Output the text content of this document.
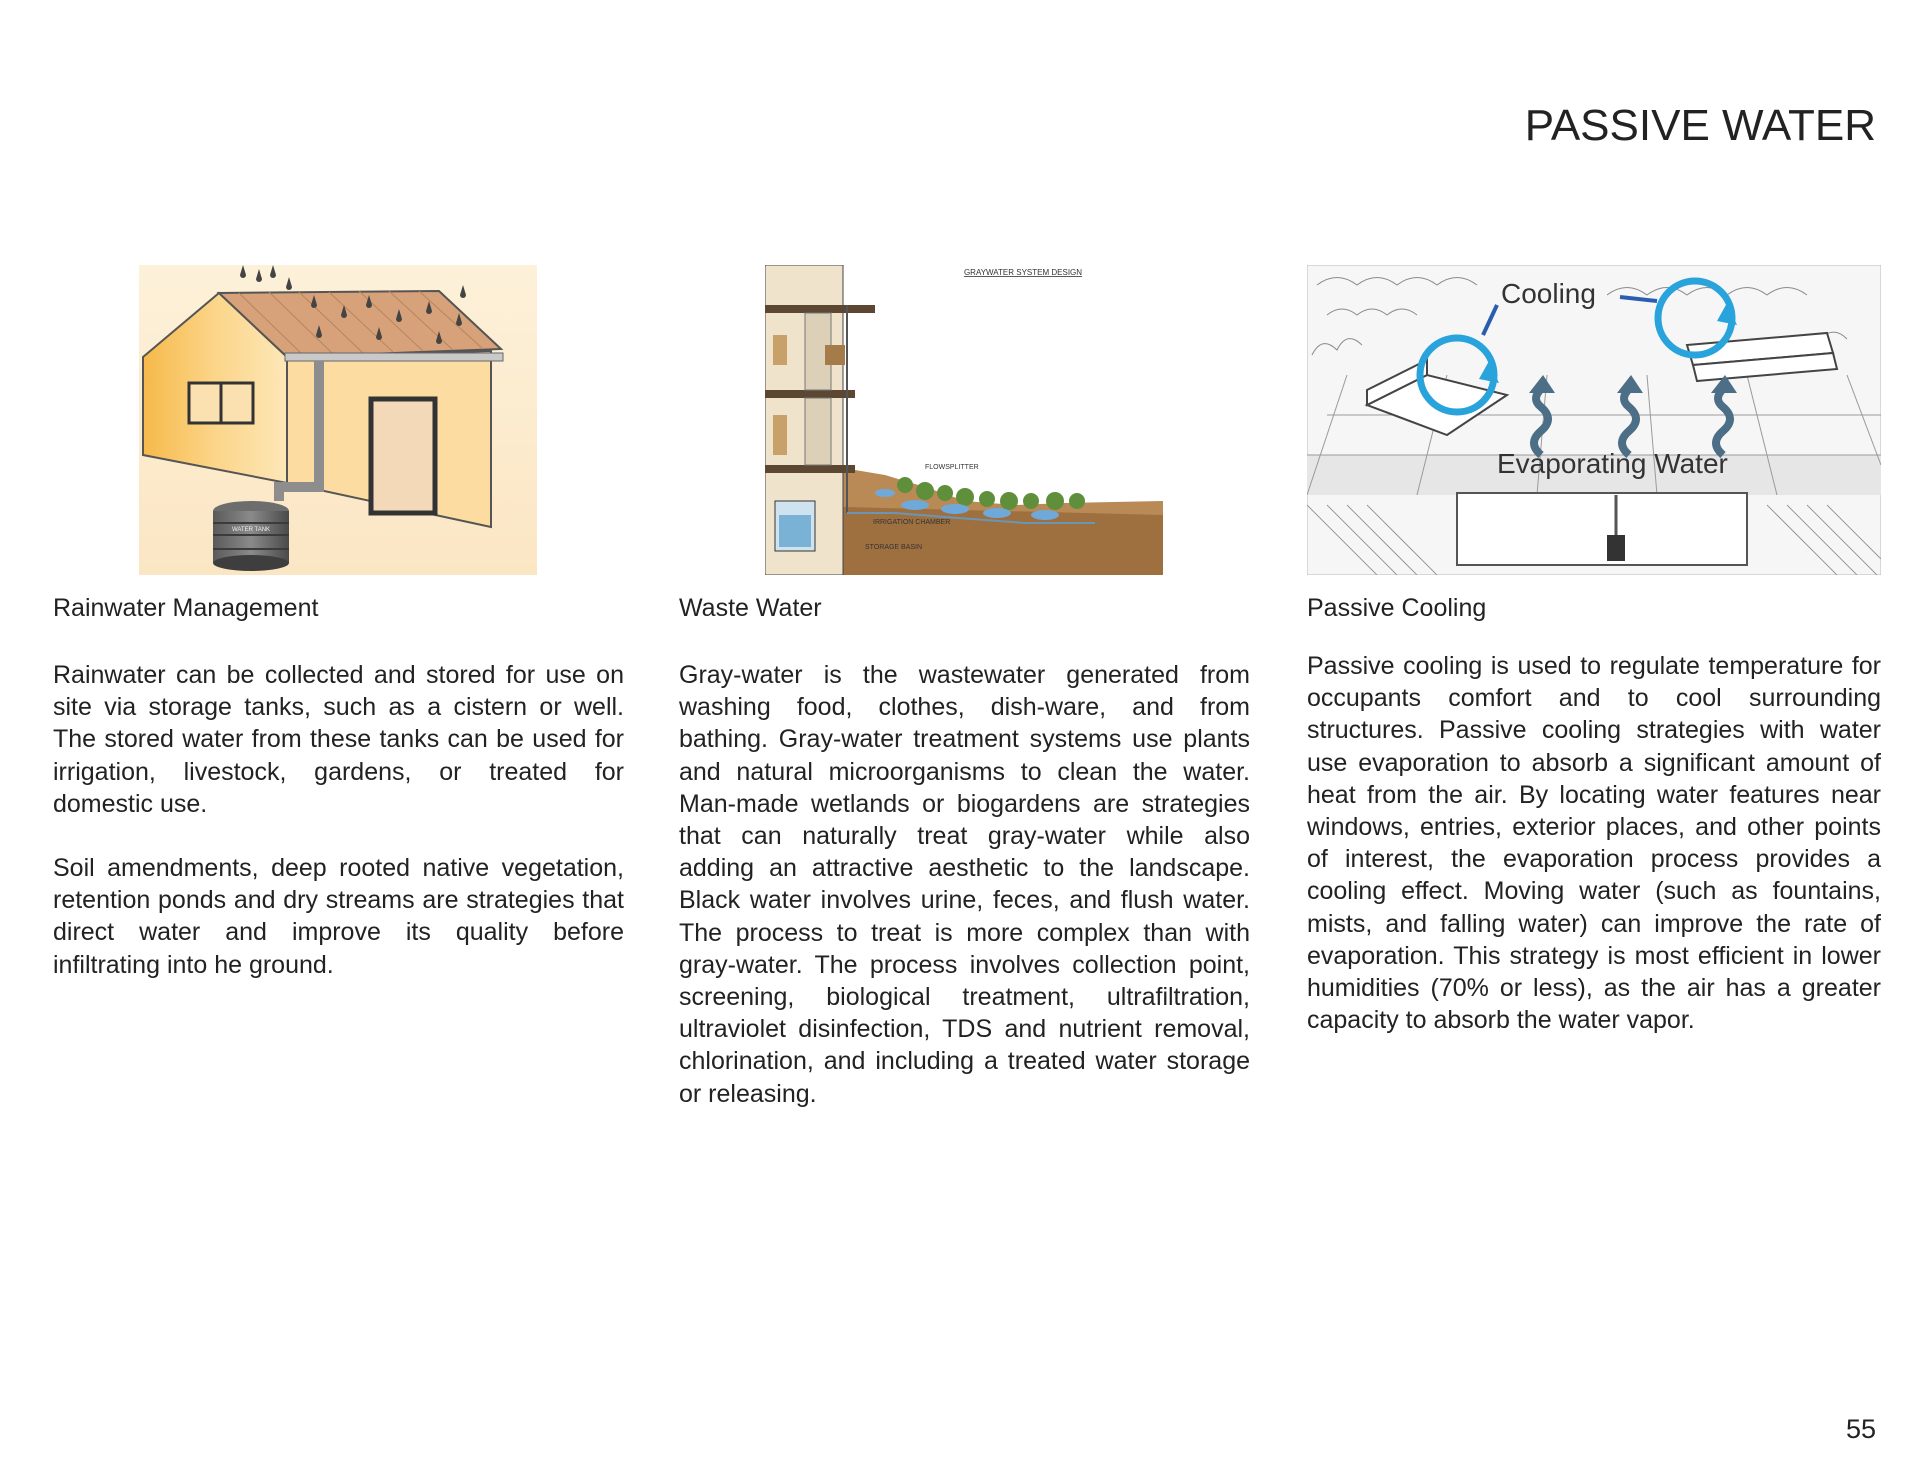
PASSIVE WATER
WATER TANK
GRAYWATER SYSTEM DESIGN
FLOWSPLITTER
IRRIGATION CHAMBER
STORAGE BASIN
Cooling
Evaporating Water
Rainwater Management	Waste Water	Passive Cooling

Rainwater can be collected and stored for use on site via storage tanks, such as a cistern or well. The stored water from these tanks can be used for irrigation, livestock, gardens, or treated for domestic use.

Soil amendments, deep rooted native vegetation, retention ponds and dry streams are strategies that direct water and improve its quality before infiltrating into he ground.

Gray-water is the wastewater generated from washing food, clothes, dish-ware, and from bathing. Gray-water treatment systems use plants and natural microorganisms to clean the water. Man-made wetlands or biogardens are strategies that can naturally treat gray-water while also adding an attractive aesthetic to the landscape. Black water involves urine, feces, and flush water. The process to treat is more complex than with gray-water. The process involves collection point, screening, biological treatment, ultrafiltration, ultraviolet disinfection, TDS and nutrient removal, chlorination, and including a treated water storage or releasing.

Passive cooling is used to regulate temperature for occupants comfort and to cool surrounding structures. Passive cooling strategies with water use evaporation to absorb a significant amount of heat from the air. By locating water features near windows, entries, exterior places, and other points of interest, the evaporation process provides a cooling effect. Moving water (such as fountains, mists, and falling water) can improve the rate of evaporation. This strategy is most efficient in lower humidities (70% or less), as the air has a greater capacity to absorb the water vapor.

55
